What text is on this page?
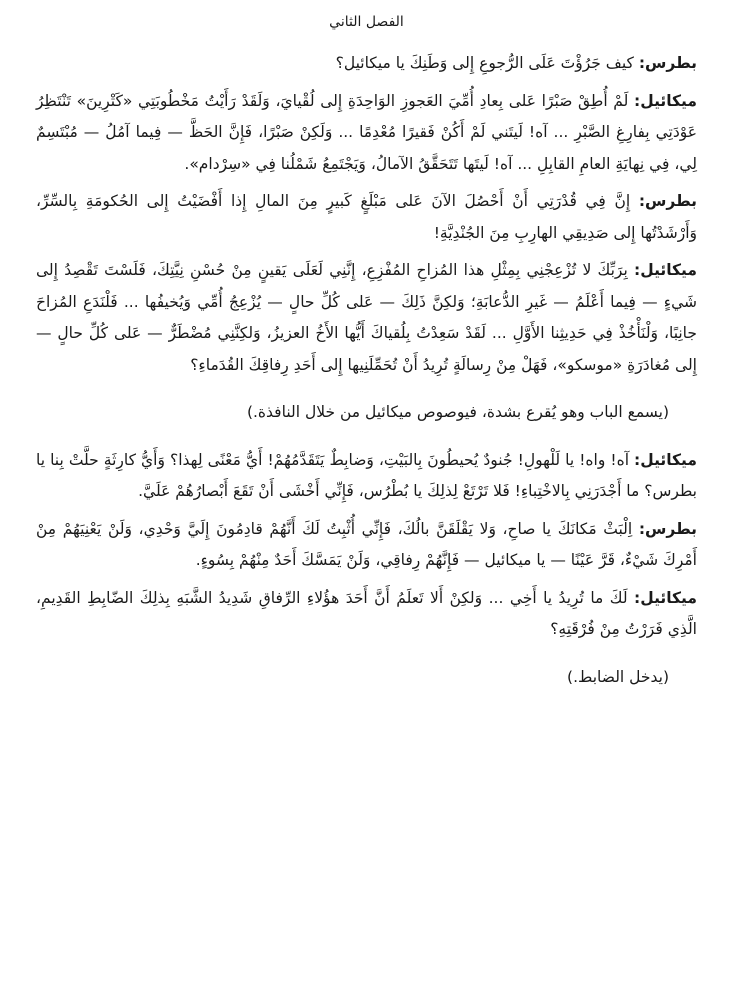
الفصل الثاني

بطرس: كيف جَرُؤْتَ عَلَى الرُّجوعِ إِلى وَطَنِكَ يا ميكائيل؟

ميكائيل: لَمْ أُطِقْ صَبْرًا عَلى بِعادِ أُمِّيَ العَجوزِ الوَاحِدَةِ إِلى لُقْيايَ، وَلَقَدْ رَأَيْتُ مَخْطُوبَتِي «كَتْرِينَ» تَنْتَظِرُ عَوْدَتِي بِفارِغِ الصَّبْرِ ... آه! لَيتَني لَمْ أَكُنْ فَقيرًا مُعْدِمًا ... وَلَكِنْ صَبْرًا، فَإِنَّ الحَظَّ — فِيما آمُلُ — مُبْتَسِمٌ لِي، فِي نِهايَةِ العامِ القابِلِ ... آه! لَيتَها تَتَحَقَّقُ الآمالُ، وَيَجْتَمِعُ شَمْلُنا فِي «سِرْدام».

بطرس: إِنَّ فِي قُدْرَتِي أَنْ أَحْصُلَ الآنَ عَلى مَبْلَغٍ كَبيرٍ مِنَ المالِ إِذا أَفْضَيْتُ إِلى الحُكومَةِ بِالسِّرِّ، وَأَرْشَدْتُها إِلى صَدِيقِي الهارِبِ مِنَ الجُنْدِيَّةِ!

ميكائيل: بِرَبِّكَ لا تُزْعِجْنِي بِمِثْلِ هذا المُزاحِ المُفْزِعِ، إِنَّنِي لَعَلَى يَقينٍ مِنْ حُسْنِ نِيَّتِكَ، فَلَسْتَ تَقْصِدُ إِلى شَيءٍ — فِيما أَعْلَمُ — غَيرِ الدُّعابَةِ؛ وَلكِنَّ ذَلِكَ — عَلى كُلِّ حالٍ — يُزْعِجُ أُمِّي وَيُخيفُها ... فَلْنَدَعِ المُزاحَ جانِبًا، وَلْنَأْخُذْ فِي حَدِيثِنا الأَوَّلِ ... لَقَدْ سَعِدْتُ بِلُقياكَ أَيُّها الأَخُ العزيزُ، وَلكِنَّنِي مُضْطَرٌّ — عَلى كُلِّ حالٍ — إِلى مُغادَرَةِ «موسكو»، فَهَلْ مِنْ رِسالَةٍ تُرِيدُ أَنْ تُحَمِّلَنِيها إِلى أَحَدِ رِفاقِكَ القُدَماءِ؟

(يسمع الباب وهو يُقرع بشدة، فيوصوص ميكائيل من خلال النافذة.)

ميكائيل: آه! واه! يا لَلْهولِ! جُنودٌ يُحيطُونَ بِالبَيْتِ، وَضابِطٌ يَتَقَدَّمُهُمْ! أَيُّ مَعْنًى لِهذا؟ وَأَيُّ كارِثَةٍ حلَّتْ بِنا يا بطرس؟ ما أَجْدَرَنِي بِالاخْتِباءِ! فَلا تَرْتَعْ لِذلِكَ يا بُطْرُس، فَإِنِّي أَخْشَى أَنْ تَقَعَ أَبْصارُهُمْ عَلَيَّ.

بطرس: اِلْبَثْ مَكانَكَ يا صاحِ، وَلا يَقْلَقَنَّ بالُكَ، فَإِنِّي أُثْبِتُ لَكَ أَنَّهُمْ قادِمُونَ إِلَيَّ وَحْدِي، وَلَنْ يَعْنِيَهُمْ مِنْ أَمْرِكَ شَيْءٌ، قَرَّ عَيْنًا — يا ميكائيل — فَإِنَّهُمْ رِفاقِي، وَلَنْ يَمَسَّكَ أَحَدٌ مِنْهُمْ بِسُوءٍ.

ميكائيل: لَكَ ما تُرِيدُ يا أَخِي ... وَلكِنْ أَلا تَعلَمُ أَنَّ أَحَدَ هؤُلاءِ الرِّفاقِ شَدِيدُ الشَّبَهِ بِذلِكَ الضّابِطِ القَدِيمِ، الَّذِي فَرَرْتُ مِنْ فُرْقَتِهِ؟

(يدخل الضابط.)
